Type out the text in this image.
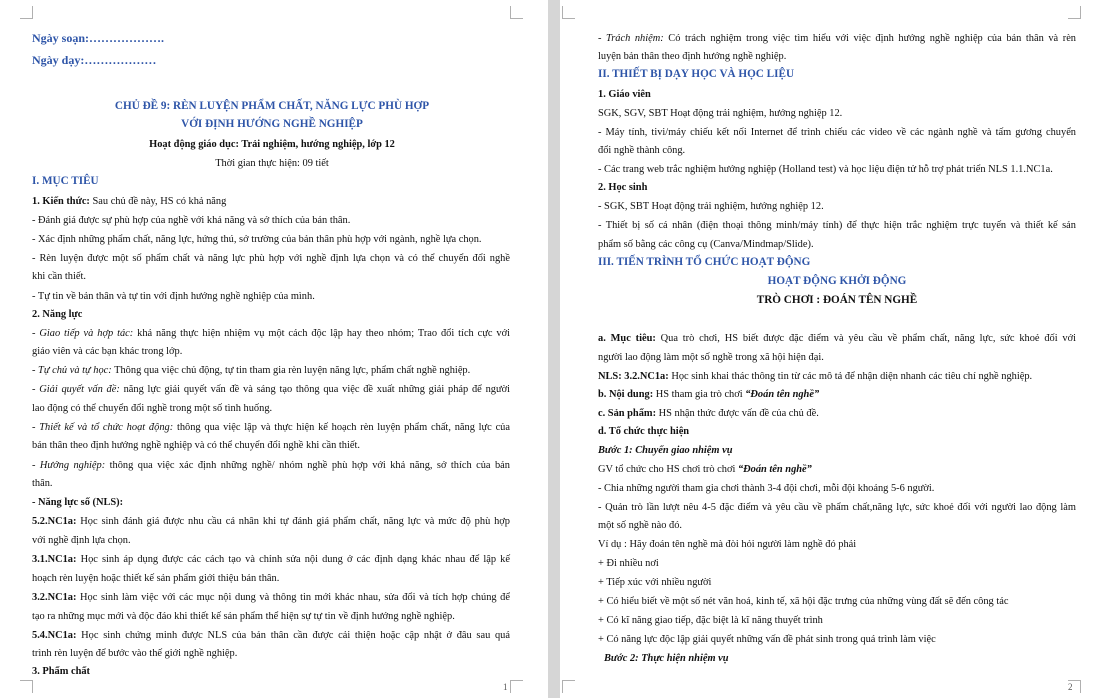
Ngày soạn:……………….
Ngày dạy:………………
CHỦ ĐỀ 9: RÈN LUYỆN PHẨM CHẤT, NĂNG LỰC PHÙ HỢP
VỚI ĐỊNH HƯỚNG NGHỀ NGHIỆP
Hoạt động giáo dục: Trải nghiệm, hướng nghiệp, lớp 12
Thời gian thực hiện: 09 tiết
I. MỤC TIÊU
1. Kiến thức: Sau chủ đề này, HS có khả năng
- Đánh giá được sự phù hợp của nghề với khả năng và sở thích của bản thân.
- Xác định những phẩm chất, năng lực, hứng thú, sở trường của bản thân phù hợp với ngành, nghề lựa chọn.
- Rèn luyện được một số phẩm chất và năng lực phù hợp với nghề định lựa chọn và có thể chuyển đổi nghề
khi cần thiết.
- Tự tin về bản thân và tự tin với định hướng nghề nghiệp của mình.
2. Năng lực
- Giao tiếp và hợp tác: khả năng thực hiện nhiệm vụ một cách độc lập hay theo nhóm; Trao đổi tích cực với
giáo viên và các bạn khác trong lớp.
- Tự chủ và tự học: Thông qua việc chủ động, tự tin tham gia rèn luyện năng lực, phẩm chất nghề nghiệp.
- Giải quyết vấn đề: năng lực giải quyết vấn đề và sáng tạo thông qua việc đề xuất những giải pháp để người
lao động có thể chuyển đổi nghề trong một số tình huống.
- Thiết kế và tổ chức hoạt động: thông qua việc lập và thực hiện kế hoạch rèn luyện phẩm chất, năng lực của
bản thân theo định hướng nghề nghiệp và có thể chuyển đổi nghề khi cần thiết.
- Hướng nghiệp: thông qua việc xác định những nghề/ nhóm nghề phù hợp với khả năng, sở thích của bản
thân.
- Năng lực số (NLS):
5.2.NC1a: Học sinh đánh giá được nhu cầu cá nhân khi tự đánh giá phẩm chất, năng lực và mức độ phù hợp
với nghề định lựa chọn.
3.1.NC1a: Học sinh áp dụng được các cách tạo và chỉnh sửa nội dung ở các định dạng khác nhau để lập kế
hoạch rèn luyện hoặc thiết kế sản phẩm giới thiệu bản thân.
3.2.NC1a: Học sinh làm việc với các mục nội dung và thông tin mới khác nhau, sửa đổi và tích hợp chúng để
tạo ra những mục mới và độc đáo khi thiết kế sản phẩm thể hiện sự tự tin về định hướng nghề nghiệp.
5.4.NC1a: Học sinh chứng minh được NLS của bản thân cần được cải thiện hoặc cập nhật ở đâu sau quá
trình rèn luyện để bước vào thế giới nghề nghiệp.
3. Phẩm chất
1
- Trách nhiệm: Có trách nghiệm trong việc tìm hiểu với việc định hướng nghề nghiệp của bản thân và rèn
luyện bản thân theo định hướng nghề nghiệp.
II. THIẾT BỊ DẠY HỌC VÀ HỌC LIỆU
1. Giáo viên
SGK, SGV, SBT Hoạt động trải nghiệm, hướng nghiệp 12.
- Máy tính, tivi/máy chiếu kết nối Internet để trình chiếu các video về các ngành nghề và tấm gương chuyển
đổi nghề thành công.
- Các trang web trắc nghiệm hướng nghiệp (Holland test) và học liệu điện tử hỗ trợ phát triển NLS 1.1.NC1a.
2. Học sinh
- SGK, SBT Hoạt động trải nghiệm, hướng nghiệp 12.
- Thiết bị số cá nhân (điện thoại thông minh/máy tính) để thực hiện trắc nghiệm trực tuyến và thiết kế sản
phẩm số bằng các công cụ (Canva/Mindmap/Slide).
III. TIẾN TRÌNH TỔ CHỨC HOẠT ĐỘNG
HOẠT ĐỘNG KHỞI ĐỘNG
TRÒ CHƠI : ĐOÁN TÊN NGHỀ
a. Mục tiêu: Qua trò chơi, HS biết được đặc điểm và yêu cầu về phẩm chất, năng lực, sức khoẻ đối với
người lao động làm một số nghề trong xã hội hiện đại.
NLS: 3.2.NC1a: Học sinh khai thác thông tin từ các mô tả để nhận diện nhanh các tiêu chí nghề nghiệp.
b. Nội dung: HS tham gia trò chơi “Đoán tên nghề”
c. Sản phẩm: HS nhận thức được vấn đề của chủ đề.
d. Tổ chức thực hiện
Bước 1: Chuyển giao nhiệm vụ
GV tổ chức cho HS chơi trò chơi “Đoán tên nghề”
- Chia những người tham gia chơi thành 3-4 đội chơi, mỗi đội khoảng 5-6 người.
- Quản trò lần lượt nêu 4-5 đặc điểm và yêu cầu về phẩm chất,năng lực, sức khoẻ đối với người lao động làm
một số nghề nào đó.
Ví dụ : Hãy đoán tên nghề mà đòi hỏi người làm nghề đó phải
+ Đi nhiều nơi
+ Tiếp xúc với nhiều người
+ Có hiểu biết về một số nét văn hoá, kinh tế, xã hội đặc trưng của những vùng đất sẽ đến công tác
+ Có kĩ năng giao tiếp, đặc biệt là kĩ năng thuyết trình
+ Có năng lực độc lập giải quyết những vấn đề phát sinh trong quá trình làm việc
Bước 2: Thực hiện nhiệm vụ
2
